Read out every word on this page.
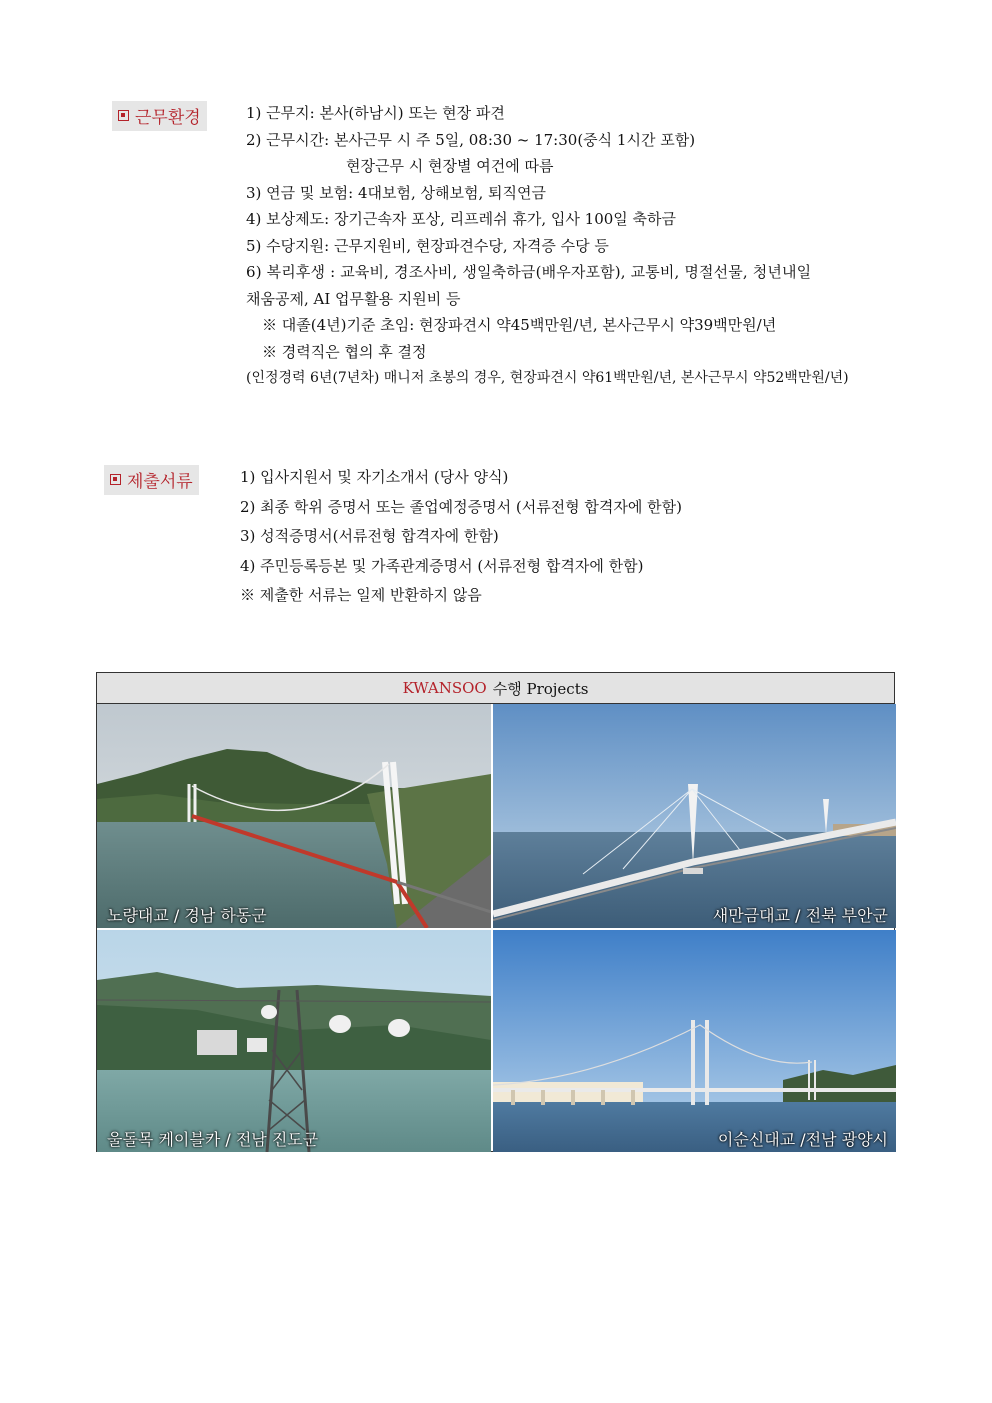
근무환경	1) 근무지: 본사(하남시) 또는 현장 파견
2) 근무시간: 본사근무 시 주 5일, 08:30 ~ 17:30(중식 1시간 포함)
현장근무 시 현장별 여건에 따름
3) 연금 및 보험: 4대보험, 상해보험, 퇴직연금
4) 보상제도: 장기근속자 포상, 리프레쉬 휴가, 입사 100일 축하금
5) 수당지원: 근무지원비, 현장파견수당, 자격증 수당 등
6) 복리후생 : 교육비, 경조사비, 생일축하금(배우자포함), 교통비, 명절선물, 청년내일
채움공제, AI 업무활용 지원비 등
※ 대졸(4년)기준 초임: 현장파견시 약45백만원/년, 본사근무시 약39백만원/년
※ 경력직은 협의 후 결정
(인정경력 6년(7년차) 매니저 초봉의 경우, 현장파견시 약61백만원/년, 본사근무시 약52백만원/년)
제출서류	1) 입사지원서 및 자기소개서 (당사 양식)
2) 최종 학위 증명서 또는 졸업예정증명서 (서류전형 합격자에 한함)
3) 성적증명서(서류전형 합격자에 한함)
4) 주민등록등본 및 가족관계증명서 (서류전형 합격자에 한함)
※ 제출한 서류는 일제 반환하지 않음
KWANSOO 수행 Projects
노량대교 / 경남 하동군	새만금대교 / 전북 부안군
울돌목 케이블카 / 전남 진도군	이순신대교 /전남 광양시
